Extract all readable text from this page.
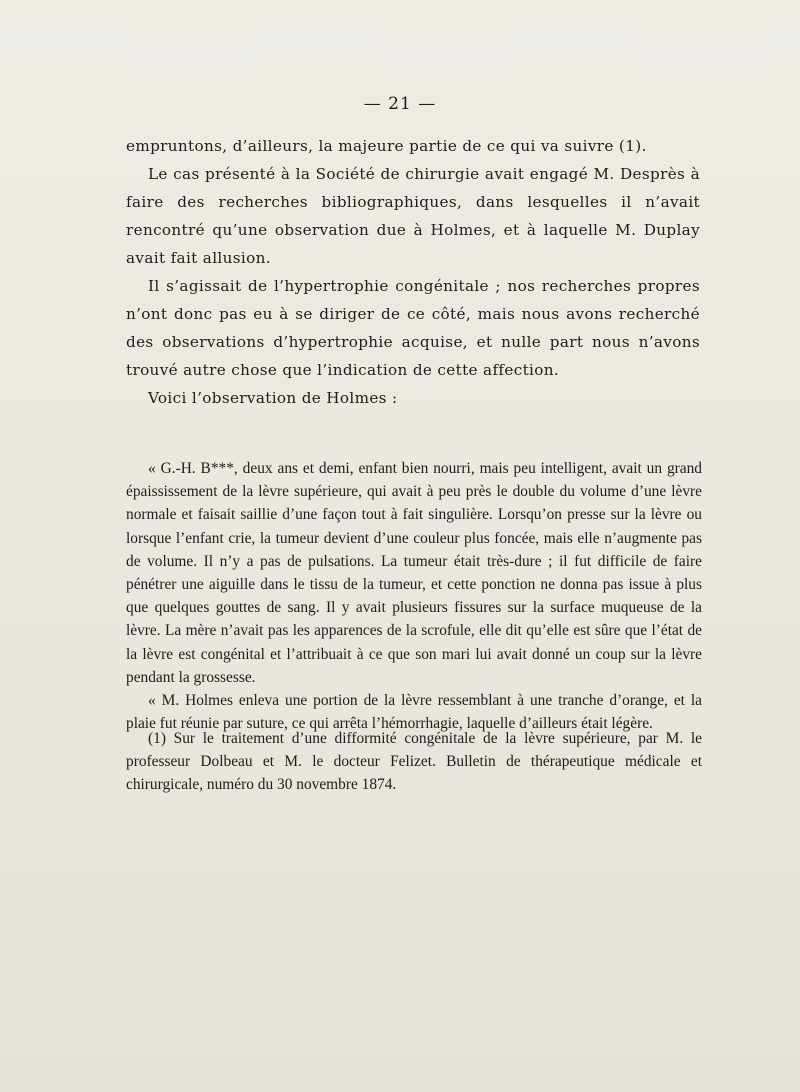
— 21 —

empruntons, d’ailleurs, la majeure partie de ce qui va suivre (1).

Le cas présenté à la Société de chirurgie avait engagé M. Desprès à faire des recherches bibliographiques, dans lesquelles il n’avait rencontré qu’une observation due à Holmes, et à laquelle M. Duplay avait fait allusion.

Il s’agissait de l’hypertrophie congénitale ; nos recherches propres n’ont donc pas eu à se diriger de ce côté, mais nous avons recherché des observations d’hypertrophie acquise, et nulle part nous n’avons trouvé autre chose que l’indication de cette affection.

Voici l’observation de Holmes :

« G.-H. B***, deux ans et demi, enfant bien nourri, mais peu intelligent, avait un grand épaississement de la lèvre supérieure, qui avait à peu près le double du volume d’une lèvre normale et faisait saillie d’une façon tout à fait singulière. Lorsqu’on presse sur la lèvre ou lorsque l’enfant crie, la tumeur devient d’une couleur plus foncée, mais elle n’augmente pas de volume. Il n’y a pas de pulsations. La tumeur était très-dure ; il fut difficile de faire pénétrer une aiguille dans le tissu de la tumeur, et cette ponction ne donna pas issue à plus que quelques gouttes de sang. Il y avait plusieurs fissures sur la surface muqueuse de la lèvre. La mère n’avait pas les apparences de la scrofule, elle dit qu’elle est sûre que l’état de la lèvre est congénital et l’attribuait à ce que son mari lui avait donné un coup sur la lèvre pendant la grossesse.

« M. Holmes enleva une portion de la lèvre ressemblant à une tranche d’orange, et la plaie fut réunie par suture, ce qui arrêta l’hémorrhagie, laquelle d’ailleurs était légère.

(1) Sur le traitement d’une difformité congénitale de la lèvre supérieure, par M. le professeur Dolbeau et M. le docteur Felizet. Bulletin de thérapeutique médicale et chirurgicale, numéro du 30 novembre 1874.
